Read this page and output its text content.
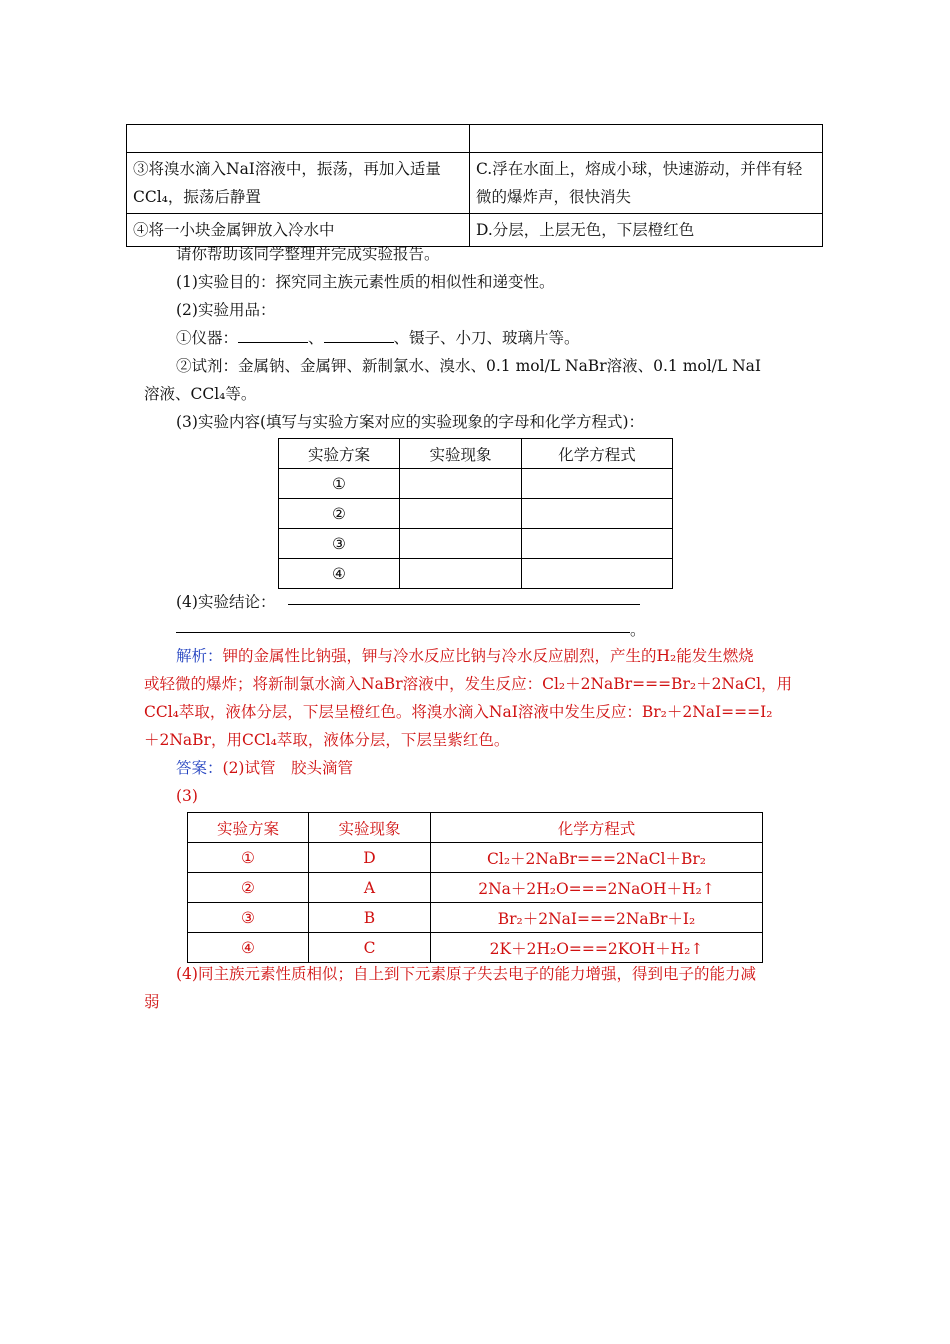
③将溴水滴入NaI溶液中，振荡，再加入适量CCl₄，振荡后静置	C.浮在水面上，熔成小球，快速游动，并伴有轻微的爆炸声，很快消失
④将一小块金属钾放入冷水中	D.分层，上层无色，下层橙红色
请你帮助该同学整理并完成实验报告。
(1)实验目的：探究同主族元素性质的相似性和递变性。
(2)实验用品：
①仪器：	、	、镊子、小刀、玻璃片等。
②试剂：金属钠、金属钾、新制氯水、溴水、0.1 mol/L NaBr溶液、0.1 mol/L NaI
溶液、CCl₄等。
(3)实验内容(填写与实验方案对应的实验现象的字母和化学方程式)：
实验方案	实验现象	化学方程式
①		
②		
③		
④		
(4)实验结论：
。
解析：钾的金属性比钠强，钾与冷水反应比钠与冷水反应剧烈，产生的H₂能发生燃烧
或轻微的爆炸；将新制氯水滴入NaBr溶液中，发生反应：Cl₂＋2NaBr===Br₂＋2NaCl，用
CCl₄萃取，液体分层，下层呈橙红色。将溴水滴入NaI溶液中发生反应：Br₂＋2NaI===I₂
＋2NaBr，用CCl₄萃取，液体分层，下层呈紫红色。
答案：(2)试管　胶头滴管
(3)
实验方案	实验现象	化学方程式
①	D	Cl₂＋2NaBr===2NaCl＋Br₂
②	A	2Na＋2H₂O===2NaOH＋H₂↑
③	B	Br₂＋2NaI===2NaBr＋I₂
④	C	2K＋2H₂O===2KOH＋H₂↑
(4)同主族元素性质相似；自上到下元素原子失去电子的能力增强，得到电子的能力减
弱
